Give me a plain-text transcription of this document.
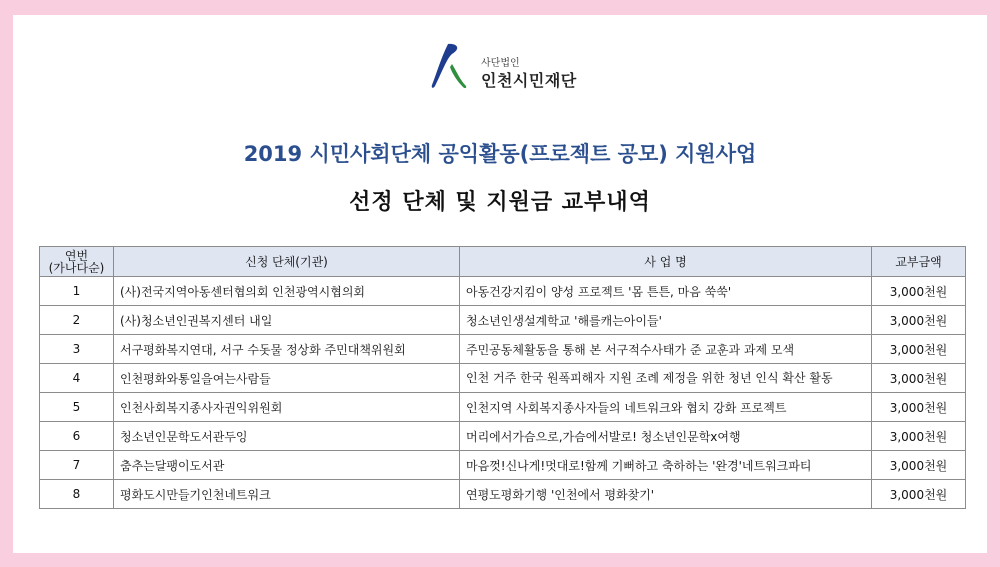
사단법인
인천시민재단
2019 시민사회단체 공익활동(프로젝트 공모) 지원사업
선정 단체 및 지원금 교부내역
연번
(가나다순)	신청 단체(기관)	사 업 명	교부금액
1	(사)전국지역아동센터협의회 인천광역시협의회	아동건강지킴이 양성 프로젝트 '몸 튼튼, 마음 쑥쑥'	3,000천원
2	(사)청소년인권복지센터 내일	청소년인생설계학교 '해를캐는아이들'	3,000천원
3	서구평화복지연대, 서구 수돗물 정상화 주민대책위원회	주민공동체활동을 통해 본 서구적수사태가 준 교훈과 과제 모색	3,000천원
4	인천평화와통일을여는사람들	인천 거주 한국 원폭피해자 지원 조례 제정을 위한 청년 인식 확산 활동	3,000천원
5	인천사회복지종사자권익위원회	인천지역 사회복지종사자들의 네트워크와 협치 강화 프로젝트	3,000천원
6	청소년인문학도서관두잉	머리에서가슴으로,가슴에서발로! 청소년인문학x여행	3,000천원
7	춤추는달팽이도서관	마음껏!신나게!멋대로!함께 기뻐하고 축하하는 '완경'네트워크파티	3,000천원
8	평화도시만들기인천네트워크	연평도평화기행 '인천에서 평화찾기'	3,000천원
